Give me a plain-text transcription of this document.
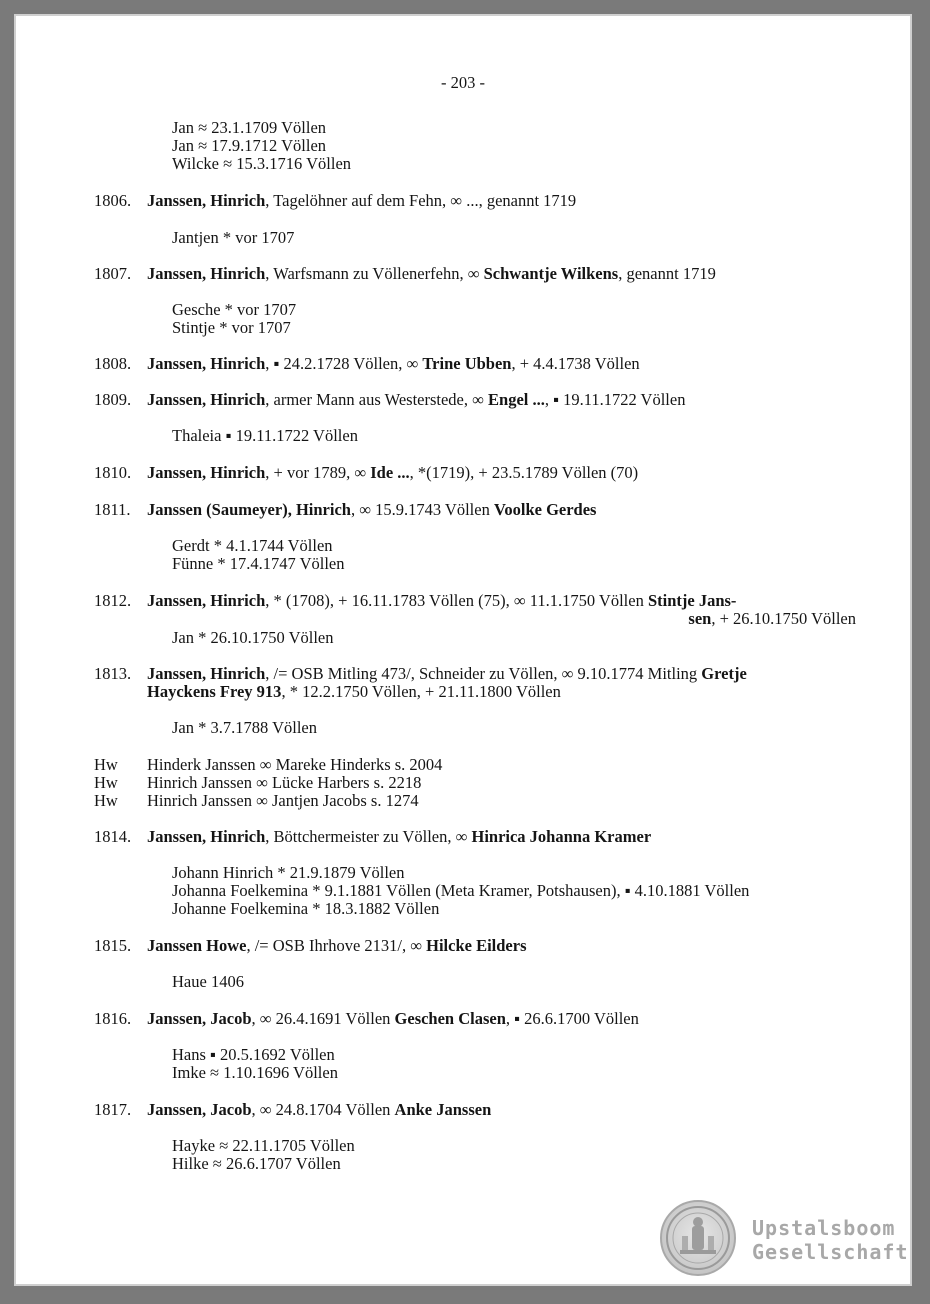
- 203 -
Jan ≈ 23.1.1709 Völlen
Jan ≈ 17.9.1712 Völlen
Wilcke ≈ 15.3.1716 Völlen
1806. Janssen, Hinrich, Tagelöhner auf dem Fehn, ∞ ..., genannt 1719
Jantjen * vor 1707
1807. Janssen, Hinrich, Warfsmann zu Völlenerfehn, ∞ Schwantje Wilkens, genannt 1719
Gesche * vor 1707
Stintje * vor 1707
1808. Janssen, Hinrich, ▪ 24.2.1728 Völlen, ∞ Trine Ubben, + 4.4.1738 Völlen
1809. Janssen, Hinrich, armer Mann aus Westerstede, ∞ Engel ..., ▪ 19.11.1722 Völlen
Thaleia ▪ 19.11.1722 Völlen
1810. Janssen, Hinrich, + vor 1789, ∞ Ide ..., *(1719), + 23.5.1789 Völlen (70)
1811. Janssen (Saumeyer), Hinrich, ∞ 15.9.1743 Völlen Voolke Gerdes
Gerdt * 4.1.1744 Völlen
Fünne * 17.4.1747 Völlen
1812. Janssen, Hinrich, * (1708), + 16.11.1783 Völlen (75), ∞ 11.1.1750 Völlen Stintje Jans-
sen, + 26.10.1750 Völlen
Jan * 26.10.1750 Völlen
1813. Janssen, Hinrich, /= OSB Mitling 473/, Schneider zu Völlen, ∞ 9.10.1774 Mitling Gretje
Hayckens Frey 913, * 12.2.1750 Völlen, + 21.11.1800 Völlen
Jan * 3.7.1788 Völlen
Hw Hinderk Janssen ∞ Mareke Hinderks s. 2004
Hw Hinrich Janssen ∞ Lücke Harbers s. 2218
Hw Hinrich Janssen ∞ Jantjen Jacobs s. 1274
1814. Janssen, Hinrich, Böttchermeister zu Völlen, ∞ Hinrica Johanna Kramer
Johann Hinrich * 21.9.1879 Völlen
Johanna Foelkemina * 9.1.1881 Völlen (Meta Kramer, Potshausen), ▪ 4.10.1881 Völlen
Johanne Foelkemina * 18.3.1882 Völlen
1815. Janssen Howe, /= OSB Ihrhove 2131/, ∞ Hilcke Eilders
Haue 1406
1816. Janssen, Jacob, ∞ 26.4.1691 Völlen Geschen Clasen, ▪ 26.6.1700 Völlen
Hans ▪ 20.5.1692 Völlen
Imke ≈ 1.10.1696 Völlen
1817. Janssen, Jacob, ∞ 24.8.1704 Völlen Anke Janssen
Hayke ≈ 22.11.1705 Völlen
Hilke ≈ 26.6.1707 Völlen
Upstalsboom
Gesellschaft
